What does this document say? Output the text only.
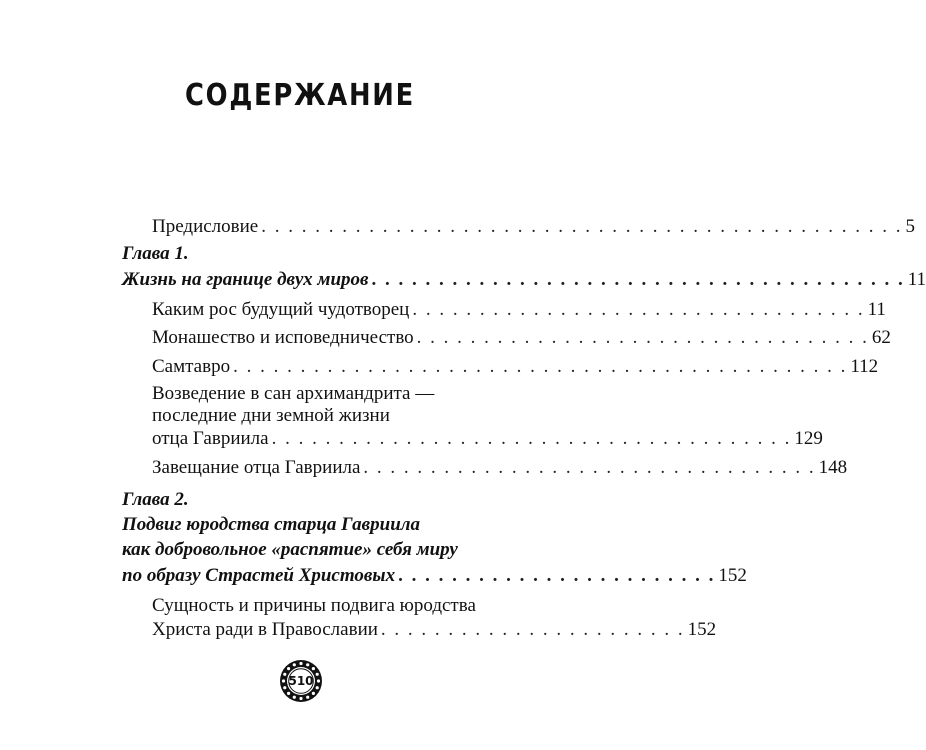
СОДЕРЖАНИЕ
Предисловие . . . . . . . . . . . . . . . . . . . . . . . . . . . . . . . . . . . . . . . . . . . . . . . . 5
Глава 1.
Жизнь на границе двух миров . . . . . . . . . . . . . . . . . . . . . . . . . . . . . . . . . . . . . . . . 11
Каким рос будущий чудотворец . . . . . . . . . . . . . . . . . . . . . . . . . . . . . . . . . . 11
Монашество и исповедничество . . . . . . . . . . . . . . . . . . . . . . . . . . . . . . . . . . 62
Самтавро . . . . . . . . . . . . . . . . . . . . . . . . . . . . . . . . . . . . . . . . . . . . . . 112
Возведение в сан архимандрита —
последние дни земной жизни
отца Гавриила . . . . . . . . . . . . . . . . . . . . . . . . . . . . . . . . . . . . . . . 129
Завещание отца Гавриила . . . . . . . . . . . . . . . . . . . . . . . . . . . . . . . . . . 148
Глава 2.
Подвиг юродства старца Гавриила
как добровольное «распятие» себя миру
по образу Страстей Христовых . . . . . . . . . . . . . . . . . . . . . . . . 152
Сущность и причины подвига юродства
Христа ради в Православии . . . . . . . . . . . . . . . . . . . . . . . 152
510
